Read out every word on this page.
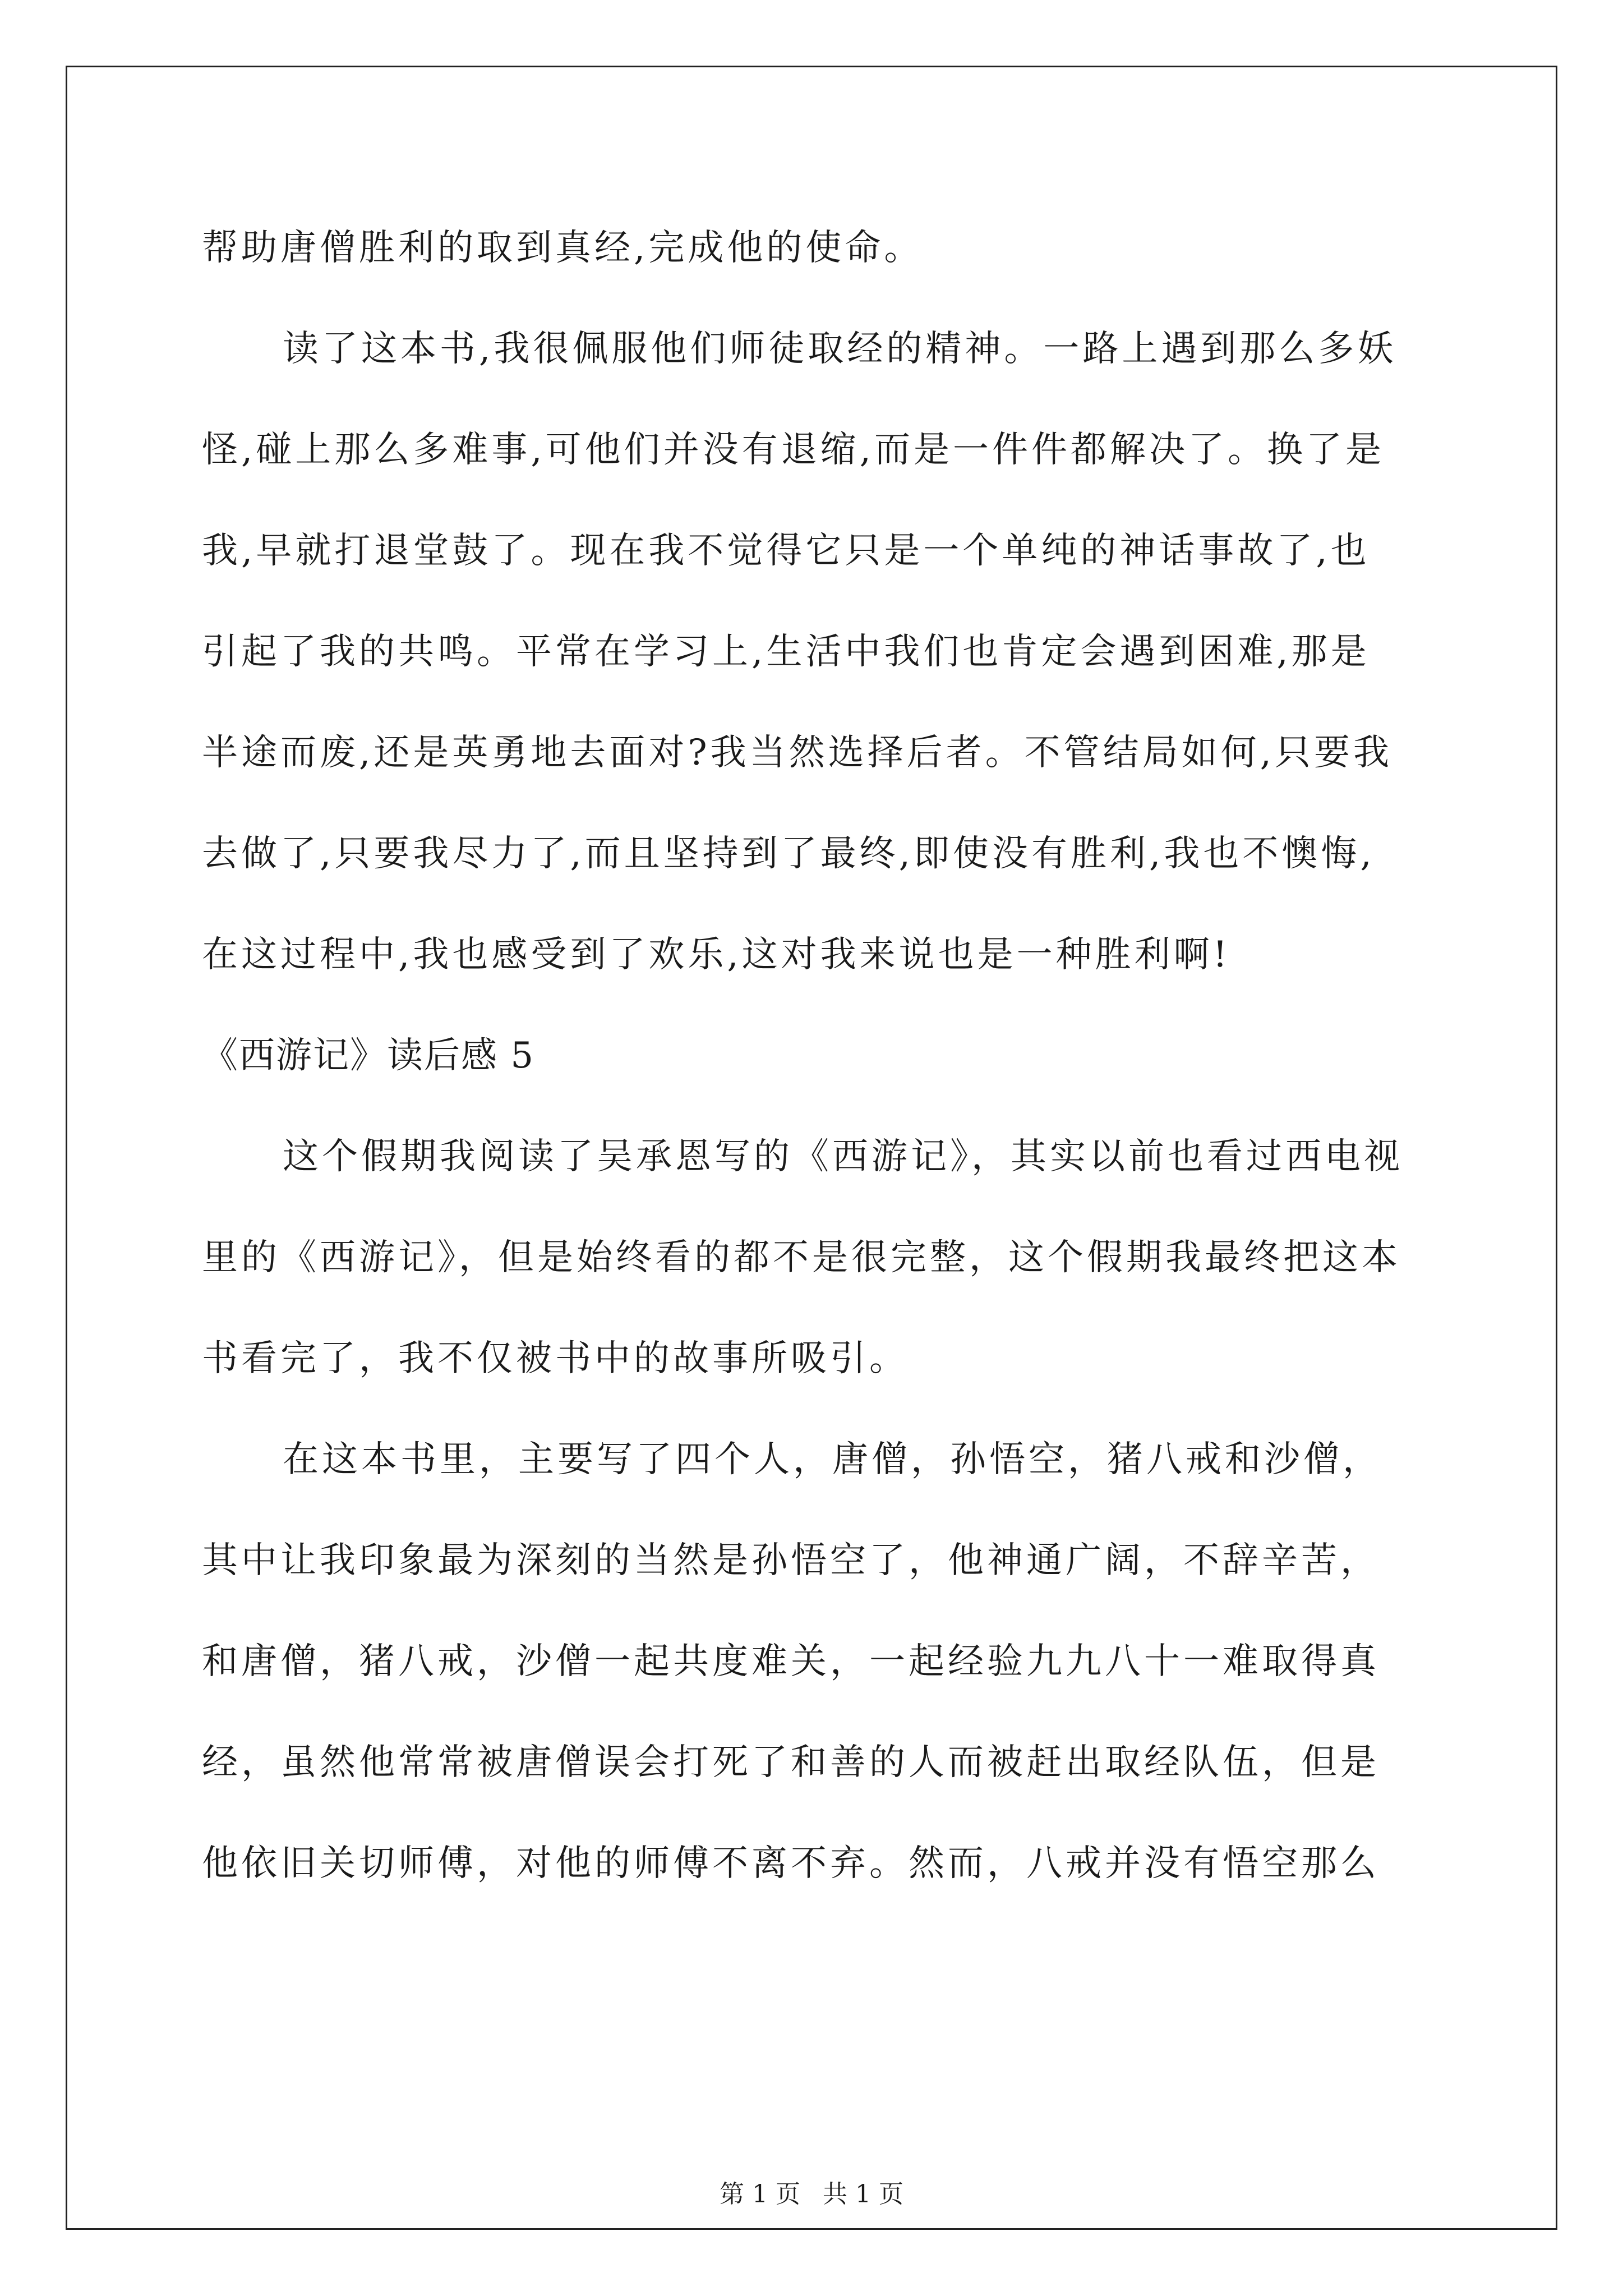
帮助唐僧胜利的取到真经,完成他的使命。
读了这本书,我很佩服他们师徒取经的精神。一路上遇到那么多妖
怪,碰上那么多难事,可他们并没有退缩,而是一件件都解决了。换了是
我,早就打退堂鼓了。现在我不觉得它只是一个单纯的神话事故了,也
引起了我的共鸣。平常在学习上,生活中我们也肯定会遇到困难,那是
半途而废,还是英勇地去面对?我当然选择后者。不管结局如何,只要我
去做了,只要我尽力了,而且坚持到了最终,即使没有胜利,我也不懊悔,
在这过程中,我也感受到了欢乐,这对我来说也是一种胜利啊!
《西游记》读后感 5
这个假期我阅读了吴承恩写的《西游记》，其实以前也看过西电视
里的《西游记》，但是始终看的都不是很完整，这个假期我最终把这本
书看完了，我不仅被书中的故事所吸引。
在这本书里，主要写了四个人，唐僧，孙悟空，猪八戒和沙僧，
其中让我印象最为深刻的当然是孙悟空了，他神通广阔，不辞辛苦，
和唐僧，猪八戒，沙僧一起共度难关，一起经验九九八十一难取得真
经，虽然他常常被唐僧误会打死了和善的人而被赶出取经队伍，但是
他依旧关切师傅，对他的师傅不离不弃。然而，八戒并没有悟空那么
第 1 页 共 1 页
